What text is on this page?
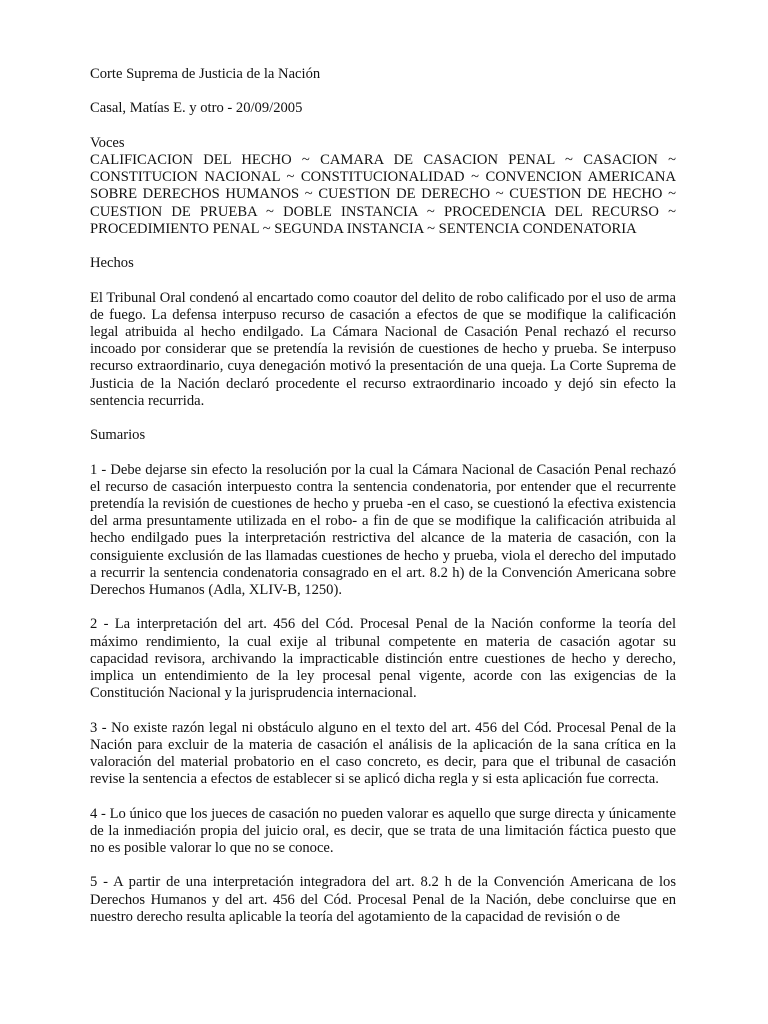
Corte Suprema de Justicia de la Nación

Casal, Matías E. y otro - 20/09/2005

Voces

CALIFICACION DEL HECHO ~ CAMARA DE CASACION PENAL ~ CASACION ~ CONSTITUCION NACIONAL ~ CONSTITUCIONALIDAD ~ CONVENCION AMERICANA SOBRE DERECHOS HUMANOS ~ CUESTION DE DERECHO ~ CUESTION DE HECHO ~ CUESTION DE PRUEBA ~ DOBLE INSTANCIA ~ PROCEDENCIA DEL RECURSO ~ PROCEDIMIENTO PENAL ~ SEGUNDA INSTANCIA ~ SENTENCIA CONDENATORIA

Hechos

El Tribunal Oral condenó al encartado como coautor del delito de robo calificado por el uso de arma de fuego. La defensa interpuso recurso de casación a efectos de que se modifique la calificación legal atribuida al hecho endilgado. La Cámara Nacional de Casación Penal rechazó el recurso incoado por considerar que se pretendía la revisión de cuestiones de hecho y prueba. Se interpuso recurso extraordinario, cuya denegación motivó la presentación de una queja. La Corte Suprema de Justicia de la Nación declaró procedente el recurso extraordinario incoado y dejó sin efecto la sentencia recurrida.

Sumarios

1 - Debe dejarse sin efecto la resolución por la cual la Cámara Nacional de Casación Penal rechazó el recurso de casación interpuesto contra la sentencia condenatoria, por entender que el recurrente pretendía la revisión de cuestiones de hecho y prueba -en el caso, se cuestionó la efectiva existencia del arma presuntamente utilizada en el robo- a fin de que se modifique la calificación atribuida al hecho endilgado pues la interpretación restrictiva del alcance de la materia de casación, con la consiguiente exclusión de las llamadas cuestiones de hecho y prueba, viola el derecho del imputado a recurrir la sentencia condenatoria consagrado en el art. 8.2 h) de la Convención Americana sobre Derechos Humanos (Adla, XLIV-B, 1250).

2 - La interpretación del art. 456 del Cód. Procesal Penal de la Nación conforme la teoría del máximo rendimiento, la cual exije al tribunal competente en materia de casación agotar su capacidad revisora, archivando la impracticable distinción entre cuestiones de hecho y derecho, implica un entendimiento de la ley procesal penal vigente, acorde con las exigencias de la Constitución Nacional y la jurisprudencia internacional.

3 - No existe razón legal ni obstáculo alguno en el texto del art. 456 del Cód. Procesal Penal de la Nación para excluir de la materia de casación el análisis de la aplicación de la sana crítica en la valoración del material probatorio en el caso concreto, es decir, para que el tribunal de casación revise la sentencia a efectos de establecer si se aplicó dicha regla y si esta aplicación fue correcta.

4 - Lo único que los jueces de casación no pueden valorar es aquello que surge directa y únicamente de la inmediación propia del juicio oral, es decir, que se trata de una limitación fáctica puesto que no es posible valorar lo que no se conoce.

5 - A partir de una interpretación integradora del art. 8.2 h de la Convención Americana de los Derechos Humanos y del art. 456 del Cód. Procesal Penal de la Nación, debe concluirse que en nuestro derecho resulta aplicable la teoría del agotamiento de la capacidad de revisión o de
